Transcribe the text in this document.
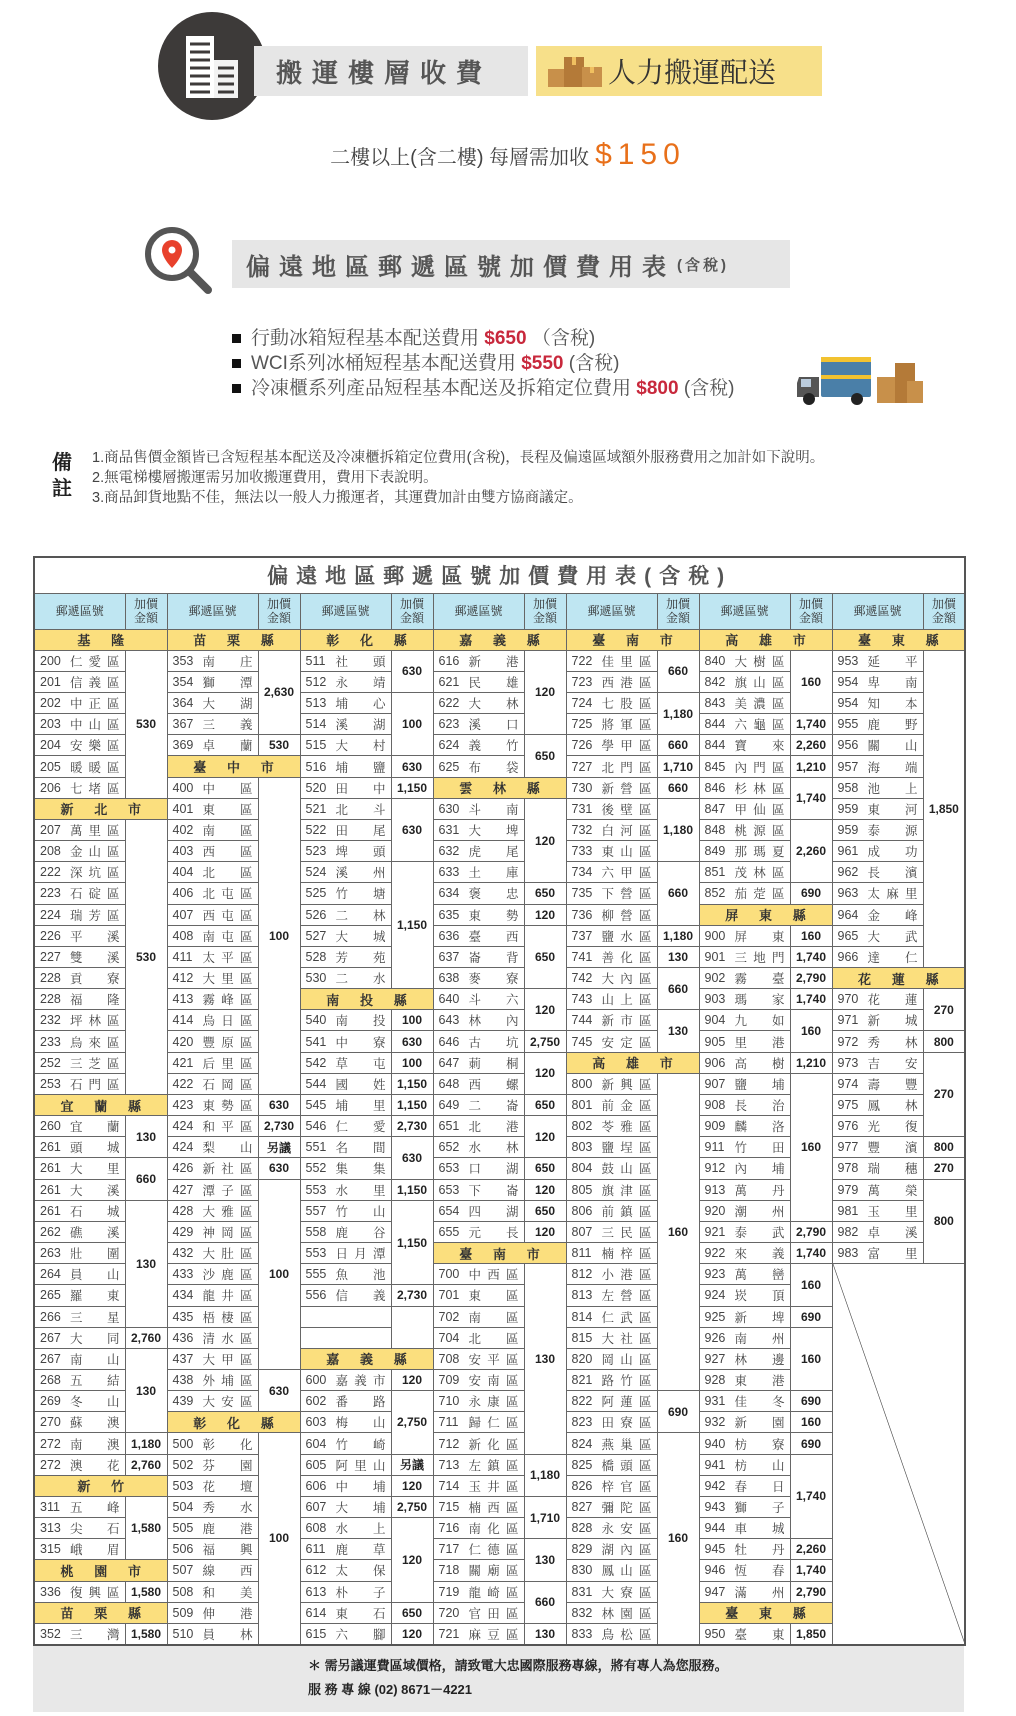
搬運樓層收費	人力搬運配送
二樓以上(含二樓) 每層需加收 $150
偏遠地區郵遞區號加價費用表 (含稅)
行動冰箱短程基本配送費用 $650 （含稅)
WCI系列冰桶短程基本配送費用 $550 (含稅)
冷凍櫃系列產品短程基本配送及拆箱定位費用 $800 (含稅)
備註
1.商品售價金額皆已含短程基本配送及冷凍櫃拆箱定位費用(含稅)，長程及偏遠區域額外服務費用之加計如下說明。
2.無電梯樓層搬運需另加收搬運費用，費用下表說明。
3.商品卸貨地點不佳，無法以一般人力搬運者，其運費加計由雙方協商議定。
偏遠地區郵遞區號加價費用表(含稅)													
郵遞區號	加價金額	郵遞區號	加價金額	郵遞區號	加價金額	郵遞區號	加價金額	郵遞區號	加價金額	郵遞區號	加價金額	郵遞區號	加價金額
基隆		苗栗縣		彰化縣		嘉義縣		臺南市		高雄市		臺東縣	

200 仁愛區	530	353 南庄	2,630	511 社頭	630	616 新港	120	722 佳里區	660	840 大樹區	160	953 延平	1,850

201 信義區		354 獅潭		512 永靖		621 民雄		723 西港區		842 旗山區		954 卑南	

202 中正區		364 大湖		513 埔心	100	622 大林		724 七股區	1,180	843 美濃區		954 知本	

203 中山區		367 三義		514 溪湖		623 溪口		725 將軍區		844 六龜區	1,740	955 鹿野	

204 安樂區		369 卓蘭	530	515 大村		624 義竹	650	726 學甲區	660	844 寶來	2,260	956 關山	

205 暖暖區		臺中市		516 埔鹽	630	625 布袋		727 北門區	1,710	845 內門區	1,210	957 海端	

206 七堵區		400 中區	100	520 田中	1,150	雲林縣		730 新營區	660	846 杉林區	1,740	958 池上	

新北市		401 東區		521 北斗	630	630 斗南	120	731 後壁區	1,180	847 甲仙區		959 東河	

207 萬里區	530	402 南區		522 田尾		631 大埤		732 白河區		848 桃源區	2,260	959 泰源	

208 金山區		403 西區		523 埤頭		632 虎尾		733 東山區		849 那瑪夏		961 成功	

222 深坑區		404 北區		524 溪州	1,150	633 土庫		734 六甲區	660	851 茂林區		962 長濱	

223 石碇區		406 北屯區		525 竹塘		634 褒忠	650	735 下營區		852 茄萣區	690	963 太麻里	

224 瑞芳區		407 西屯區		526 二林		635 東勢	120	736 柳營區		屏東縣		964 金峰	

226 平溪		408 南屯區		527 大城		636 臺西	650	737 鹽水區	1,180	900 屏東	160	965 大武	

227 雙溪		411 太平區		528 芳苑		637 崙背		741 善化區	130	901 三地門	1,740	966 達仁	

228 貢寮		412 大里區		530 二水		638 麥寮		742 大內區	660	902 霧臺	2,790	花蓮縣	

228 福隆		413 霧峰區		南投縣		640 斗六	120	743 山上區		903 瑪家	1,740	970 花蓮	270

232 坪林區		414 烏日區		540 南投	100	643 林內		744 新市區	130	904 九如	160	971 新城	

233 烏來區		420 豐原區		541 中寮	630	646 古坑	2,750	745 安定區		905 里港		972 秀林	800

252 三芝區		421 后里區		542 草屯	100	647 莿桐	120	高雄市		906 高樹	1,210	973 吉安	270

253 石門區		422 石岡區		544 國姓	1,150	648 西螺		800 新興區	160	907 鹽埔	160	974 壽豐	

宜蘭縣		423 東勢區	630	545 埔里	1,150	649 二崙	650	801 前金區		908 長治		975 鳳林	

260 宜蘭	130	424 和平區	2,730	546 仁愛	2,730	651 北港	120	802 苓雅區		909 麟洛		976 光復	

261 頭城		424 梨山	另議	551 名間	630	652 水林		803 鹽埕區		911 竹田		977 豐濱	800

261 大里	660	426 新社區	630	552 集集		653 口湖	650	804 鼓山區		912 內埔		978 瑞穗	270

261 大溪		427 潭子區	100	553 水里	1,150	653 下崙	120	805 旗津區		913 萬丹		979 萬榮	800

261 石城	130	428 大雅區		557 竹山	1,150	654 四湖	650	806 前鎮區		920 潮州		981 玉里	

262 礁溪		429 神岡區		558 鹿谷		655 元長	120	807 三民區		921 泰武	2,790	982 卓溪	

263 壯圍		432 大肚區		553 日月潭		臺南市		811 楠梓區		922 來義	1,740	983 富里	

264 員山		433 沙鹿區		555 魚池		700 中西區	130	812 小港區		923 萬巒	160	

265 羅東		434 龍井區		556 信義	2,730	701 東區		813 左營區		924 崁頂			

266 三星		435 梧棲區				702 南區		814 仁武區		925 新埤	690		

267 大同	2,760	436 清水區				704 北區		815 大社區		926 南州	160		

267 南山	130	437 大甲區		嘉義縣		708 安平區		820 岡山區		927 林邊			

268 五結		438 外埔區	630	600 嘉義市	120	709 安南區		821 路竹區		928 東港			

269 冬山		439 大安區		602 番路	2,750	710 永康區		822 阿蓮區	690	931 佳冬	690		

270 蘇澳		彰化縣		603 梅山		711 歸仁區		823 田寮區		932 新園	160		

272 南澳	1,180	500 彰化	100	604 竹崎		712 新化區		824 燕巢區	160	940 枋寮	690		

272 澳花	2,760	502 芬園		605 阿里山	另議	713 左鎮區	1,180	825 橋頭區		941 枋山	1,740		
新竹		503 花壇		606 中埔	120	714 玉井區		826 梓官區		942 春日			

311 五峰	1,580	504 秀水		607 大埔	2,750	715 楠西區	1,710	827 彌陀區		943 獅子			

313 尖石		505 鹿港		608 水上	120	716 南化區		828 永安區		944 車城			

315 峨眉		506 福興		611 鹿草		717 仁德區	130	829 湖內區		945 牡丹	2,260		
桃園市		507 線西		612 太保		718 關廟區		830 鳳山區		946 恆春	1,740		

336 復興區	1,580	508 和美		613 朴子		719 龍崎區	660	831 大寮區		947 滿州	2,790		
苗栗縣		509 伸港		614 東石	650	720 官田區		832 林園區		臺東縣			

352 三灣	1,580	510 員林		615 六腳	120	721 麻豆區	130	833 鳥松區		950 臺東	1,850		
＊ 需另議運費區域價格，請致電大忠國際服務專線，將有專人為您服務。
服 務 專 線 (02) 8671－4221
